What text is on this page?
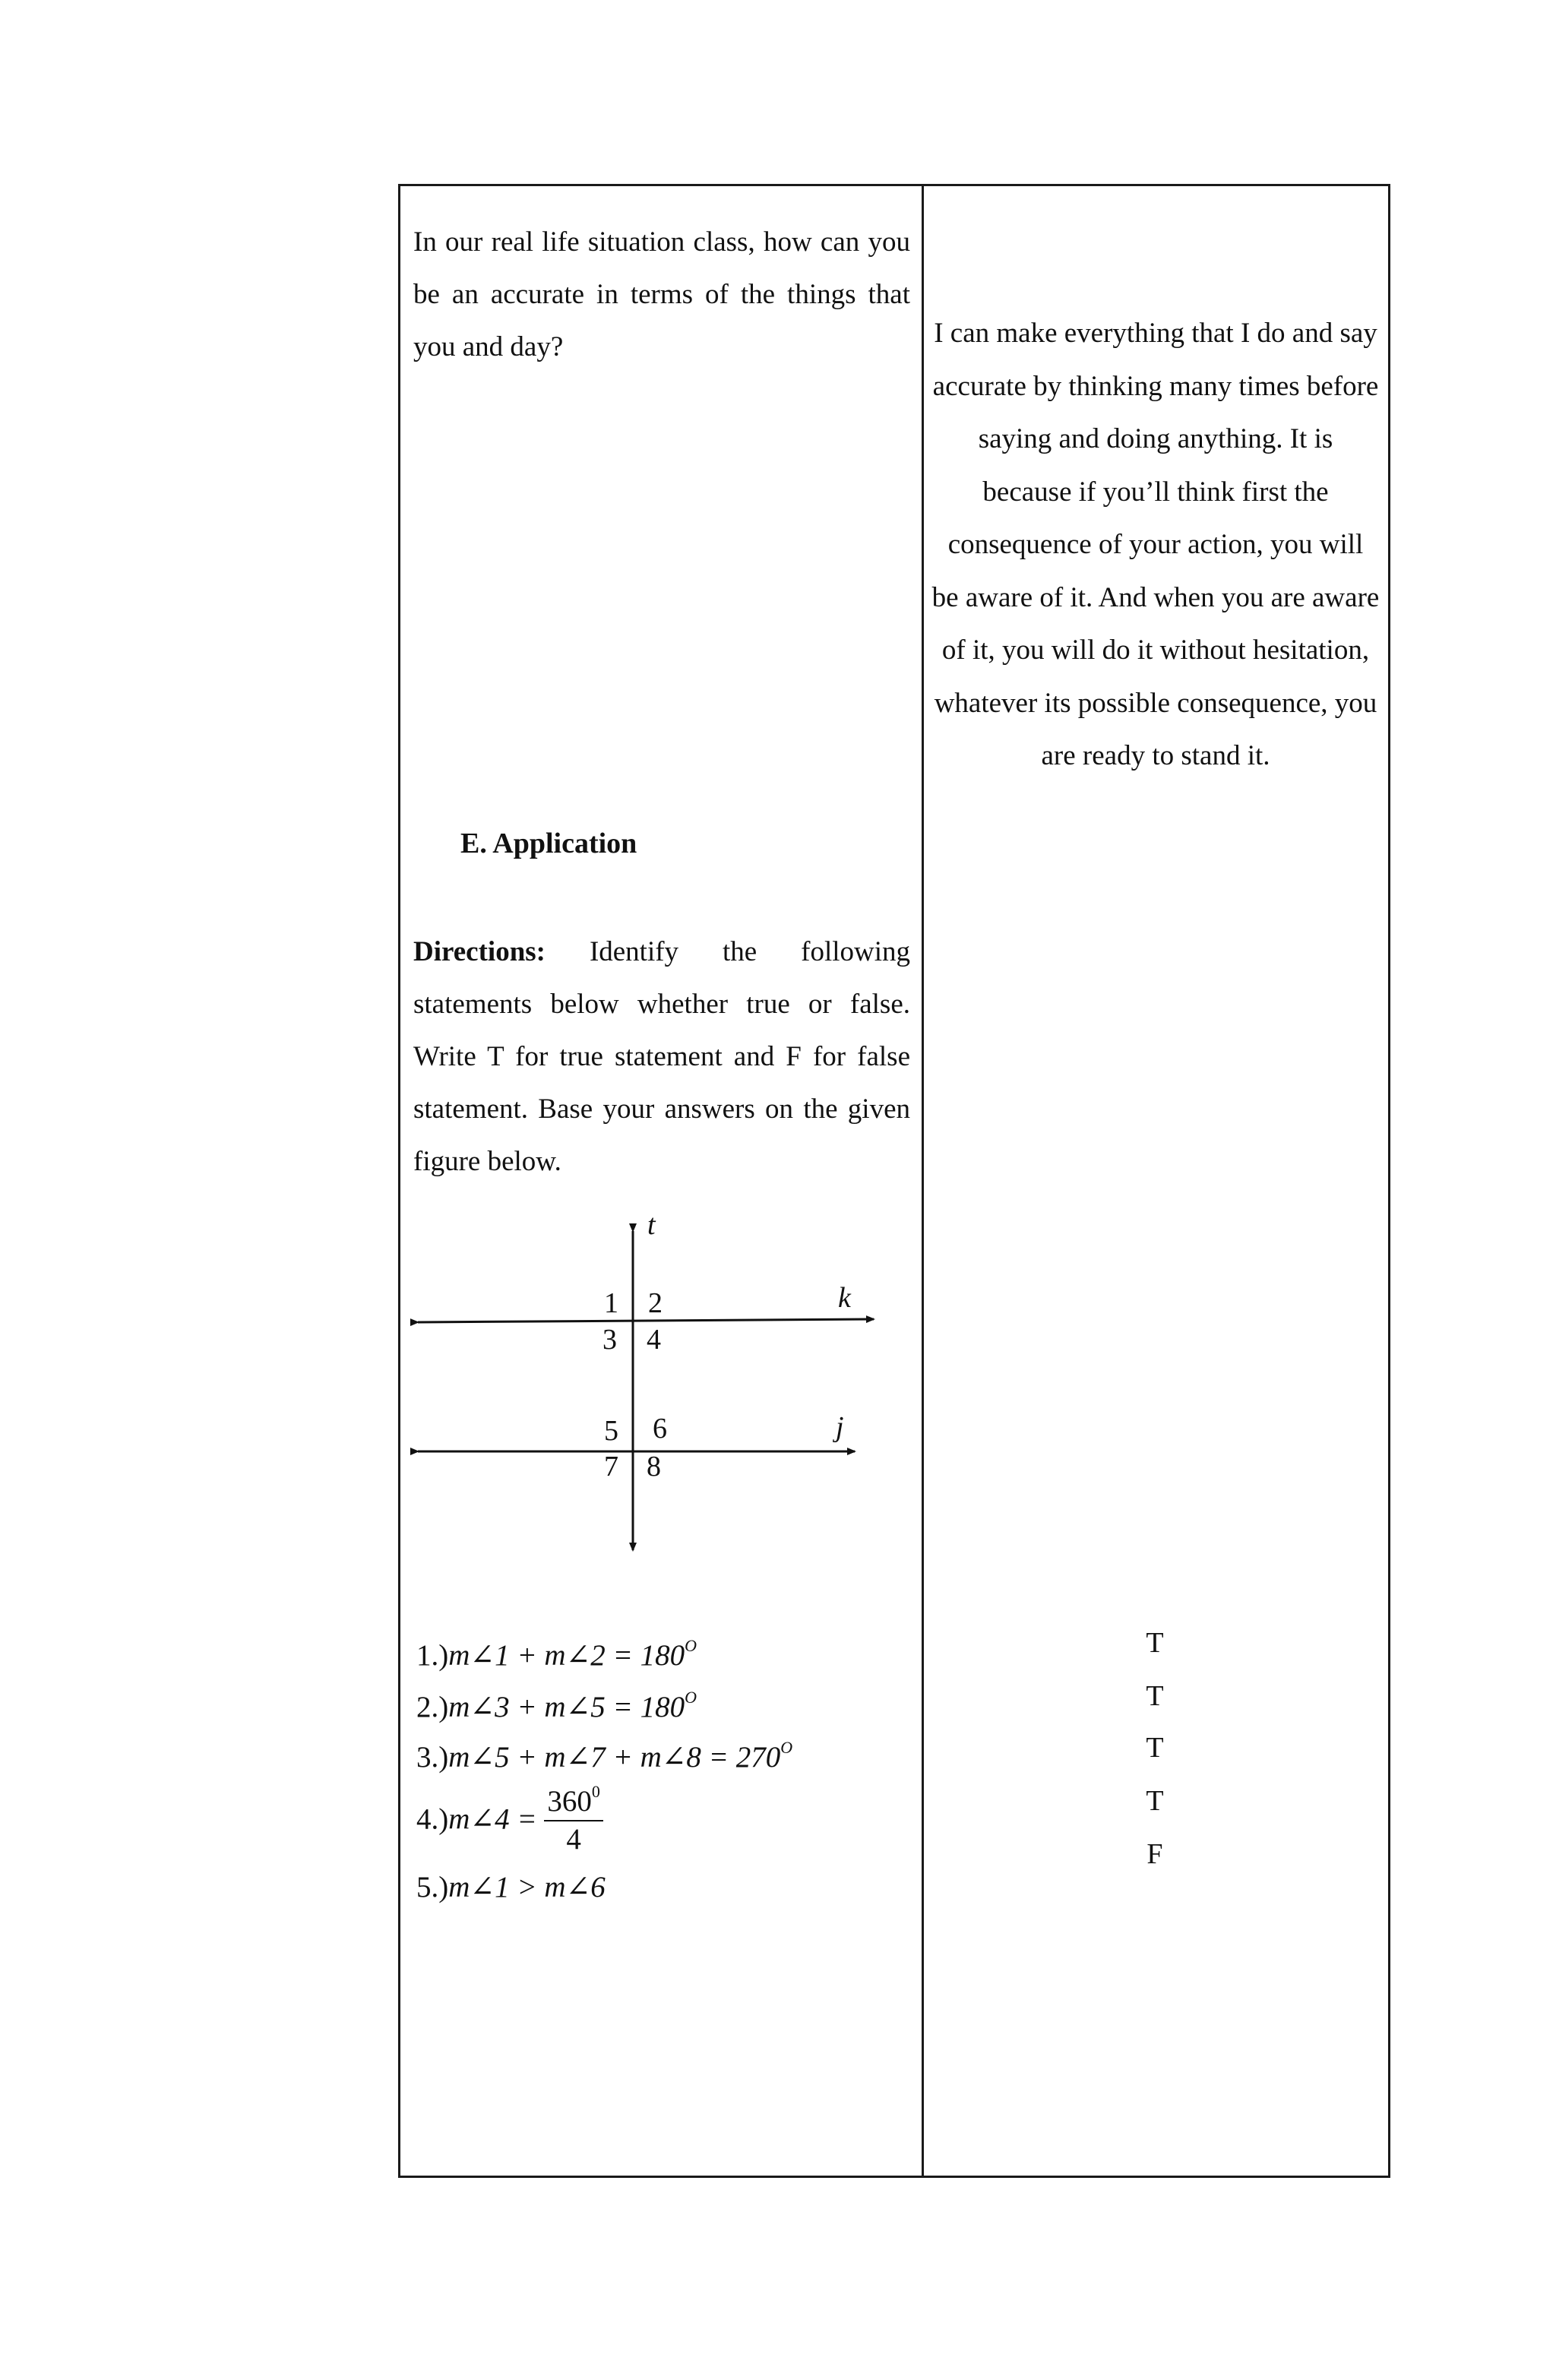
In our real life situation class, how can you be an accurate in terms of the things that you and day?
E. Application
Directions: Identify the following statements below whether true or false. Write T for true statement and F for false statement. Base your answers on the given figure below.
I can make everything that I do and say accurate by thinking many times before saying and doing anything. It is because if you’ll think first the consequence of your action, you will be aware of it. And when you are aware of it, you will do it without hesitation, whatever its possible consequence, you are ready to stand it.
t
k
j
1 2
3 4
5 6
7 8
1.)m∠1 + m∠2 = $180^O$
2.)m∠3 + m∠5 = $180^O$
3.)m∠5 + m∠7 + m∠8 = $270^O$
4.)m∠4 = $\frac{360^0}{4}$
5.)m∠1 > m∠6
T
T
T
T
F
